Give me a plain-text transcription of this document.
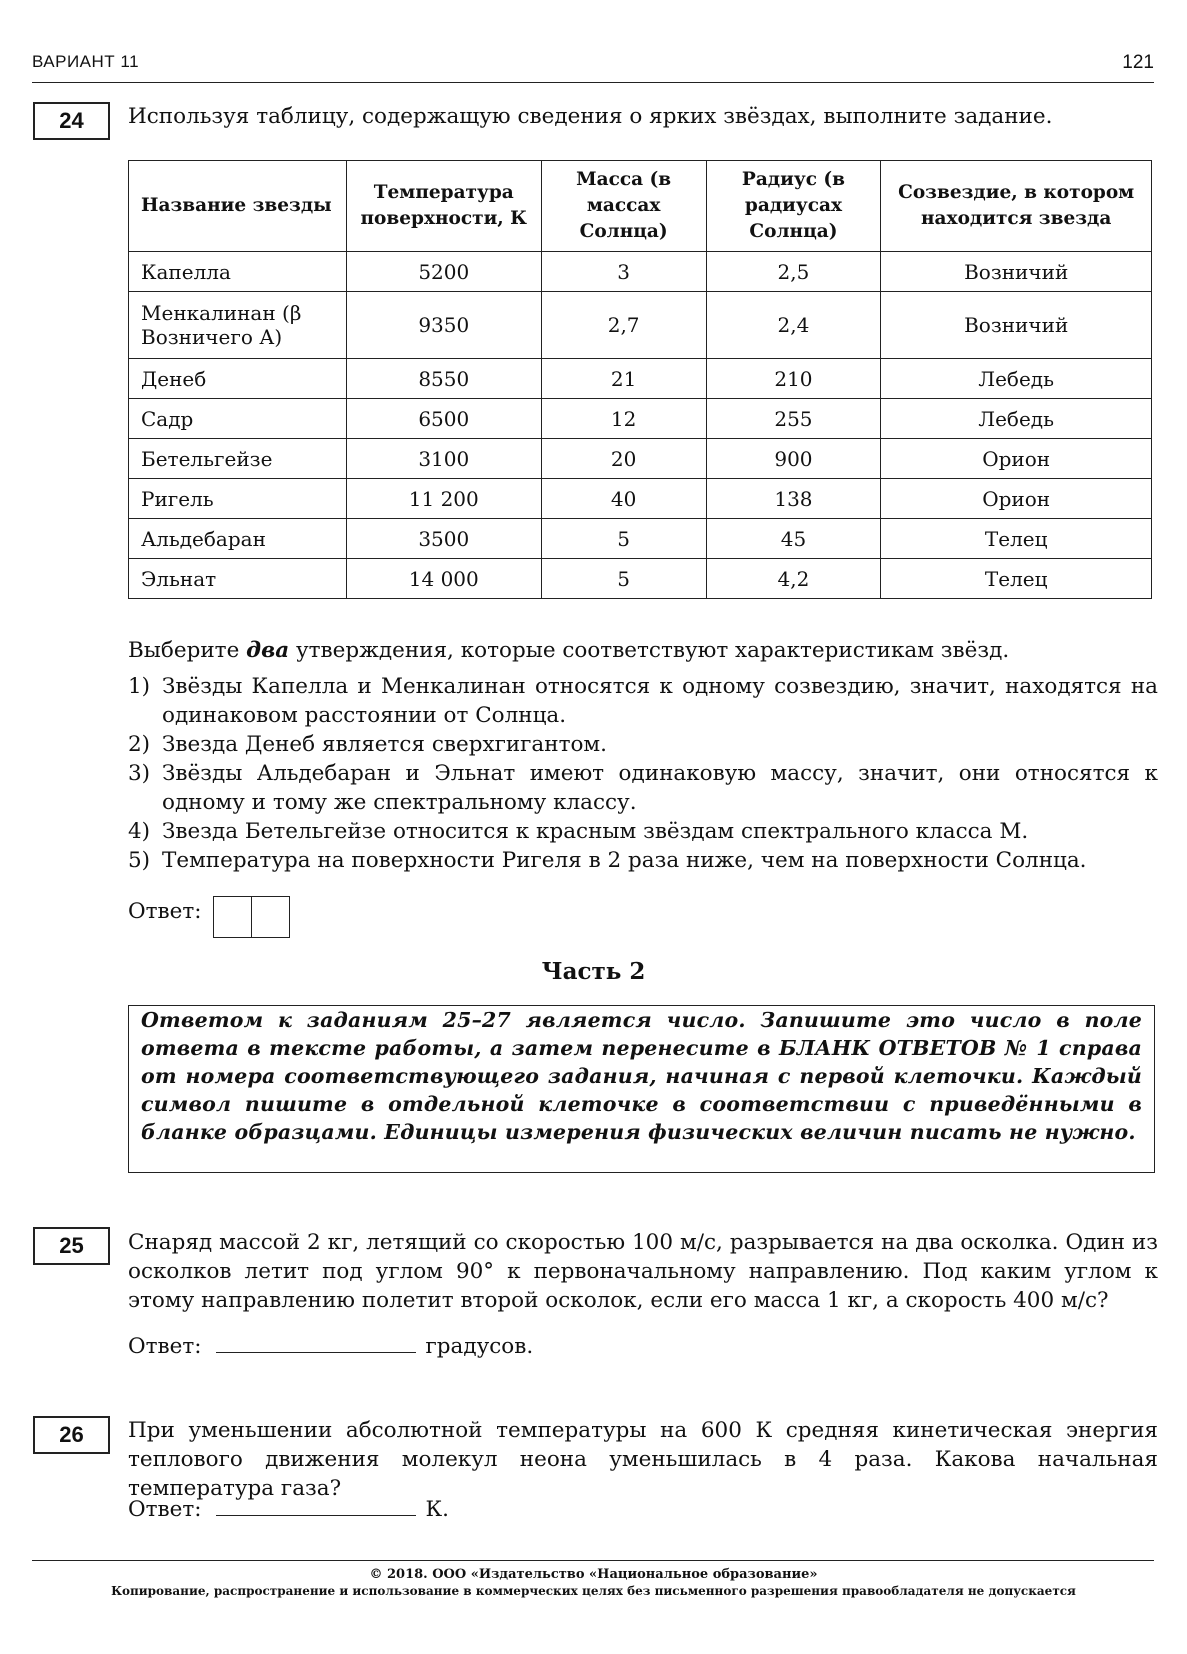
ВАРИАНТ 11	121
24	Используя таблицу, содержащую сведения о ярких звёздах, выполните задание.
Название звезды	Температура поверхности, К	Масса (в массах Солнца)	Радиус (в радиусах Солнца)	Созвездие, в котором находится звезда
Капелла	5200	3	2,5	Возничий
Менкалинан (β Возничего А)	9350	2,7	2,4	Возничий
Денеб	8550	21	210	Лебедь
Садр	6500	12	255	Лебедь
Бетельгейзе	3100	20	900	Орион
Ригель	11 200	40	138	Орион
Альдебаран	3500	5	45	Телец
Эльнат	14 000	5	4,2	Телец
Выберите два утверждения, которые соответствуют характеристикам звёзд.
1) Звёзды Капелла и Менкалинан относятся к одному созвездию, значит, находятся на одинаковом расстоянии от Солнца.
2) Звезда Денеб является сверхгигантом.
3) Звёзды Альдебаран и Эльнат имеют одинаковую массу, значит, они относятся к одному и тому же спектральному классу.
4) Звезда Бетельгейзе относится к красным звёздам спектрального класса М.
5) Температура на поверхности Ригеля в 2 раза ниже, чем на поверхности Солнца.
Ответ:
Часть 2

Ответом к заданиям 25–27 является число. Запишите это число в поле ответа в тексте работы, а затем перенесите в БЛАНК ОТВЕТОВ № 1 справа от номера соответствующего задания, начиная с первой клеточки. Каждый символ пишите в отдельной клеточке в соответствии с приведёнными в бланке образцами. Единицы измерения физических величин писать не нужно.

25	Снаряд массой 2 кг, летящий со скоростью 100 м/с, разрывается на два осколка. Один из осколков летит под углом 90° к первоначальному направлению. Под каким углом к этому направлению полетит второй осколок, если его масса 1 кг, а скорость 400 м/с?
Ответ:	градусов.
26	При уменьшении абсолютной температуры на 600 К средняя кинетическая энергия теплового движения молекул неона уменьшилась в 4 раза. Какова начальная температура газа?
Ответ:	К.
© 2018. ООО «Издательство «Национальное образование»
Копирование, распространение и использование в коммерческих целях без письменного разрешения правообладателя не допускается
